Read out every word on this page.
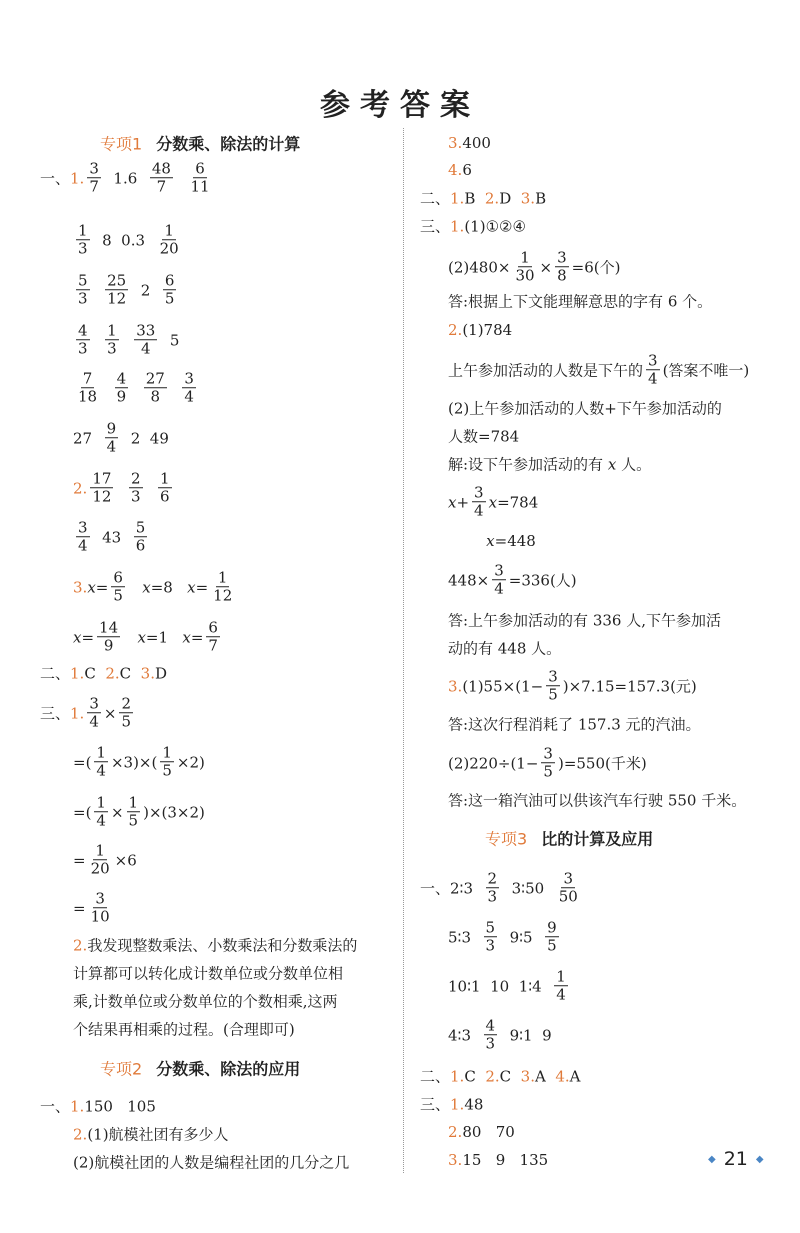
参考答案
专项1 分数乘、除法的计算
一、 1. $\frac{3}{7} 1.6 \frac{48}{7}$
$\frac{6}{11}$
$\frac{1}{3} 8$  $0.3 \frac{1}{20}$
$\frac{5}{3}$
$\frac{25}{12} 2 \frac{6}{5}$
$\frac{4}{3}$
$\frac{1}{3}$
$\frac{33}{4} 5$
$\frac{7}{18}$
$\frac{4}{9}$
$\frac{27}{8}$
$\frac{3}{4}$
$27 \frac{9}{4} 2$  49
2. $\frac{17}{12}$
$\frac{2}{3}$
$\frac{1}{6}$
$\frac{3}{4} 43 \frac{5}{6}$
3. $x = \frac{6}{5}$
x =8 $x = \frac{1}{12}$
$x = \frac{14}{9}$
x =1 $x = \frac{6}{7}$
二、 1. C 2. C 3. D
三、 1. $\frac{3}{4} \times \frac{2}{5}$
=( $\frac{1}{4} \times 3)\times( \frac{1}{5} \times 2)$
=( $\frac{1}{4} \times \frac{1}{5} )\times(3\times 2)$
= $\frac{1}{20} \times 6$
= $\frac{3}{10}$
2. 我发现整数乘法、小数乘法和分数乘法的
计算都可以转化成计数单位或分数单位相
乘,计数单位或分数单位的个数相乘,这两
个结果再相乘的过程。(合理即可)
专项2 分数乘、除法的应用
一、 1. 150   105
2. (1)航模社团有多少人
(2)航模社团的人数是编程社团的几分之几
3. 400
4. 6
二、 1. B 2. D 3. B
三、 1. (1)①②④
$(2)480\times \frac{1}{30} \times \frac{3}{8} =6$(个)
答:根据上下文能理解意思的字有 6 个。
2. (1)784
上午参加活动的人数是下午的 $\frac{3}{4}$ (答案不唯一)
(2)上午参加活动的人数+下午参加活动的
人数=784
解:设下午参加活动的有 x 人。
$x + \frac{3}{4}$ x =784

x =448
$448\times \frac{3}{4} =336$(人)
答:上午参加活动的有 336 人,下午参加活
动的有 448 人。
3. $(1)55\times(1- \frac{3}{5} )\times 7.15=157.3$(元)
答:这次行程消耗了 157.3 元的汽油。
$(2)220\div(1- \frac{3}{5} )=550$(千米)
答:这一箱汽油可以供该汽车行驶 550 千米。
专项3 比的计算及应用
一、 2∶3 $\frac{2}{3}$ 3∶50 $\frac{3}{50}$
5∶3 $\frac{5}{3}$ 9∶5 $\frac{9}{5}$
10∶1  10  1∶4 $\frac{1}{4}$
4∶3 $\frac{4}{3}$ 9∶1  9
二、 1. C 2. C 3. A 4. A
三、 1. 48
2. 80   70
3. 15   9   135	◆ 21 ◆
